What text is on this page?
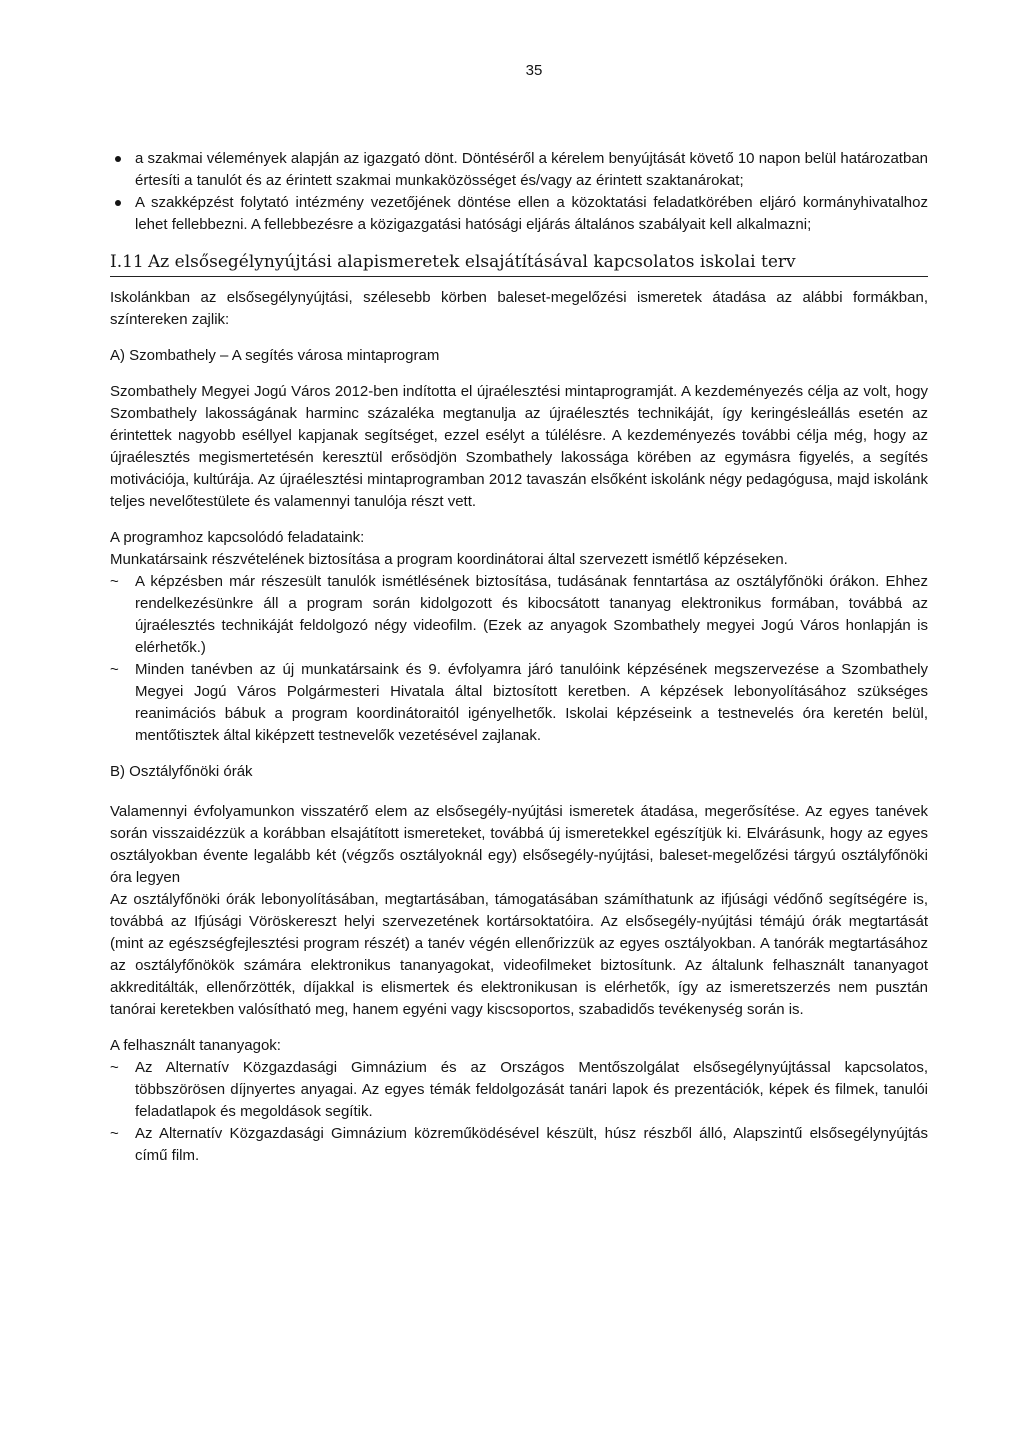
35
a szakmai vélemények alapján az igazgató dönt. Döntéséről a kérelem benyújtását követő 10 napon belül határozatban értesíti a tanulót és az érintett szakmai munkaközösséget és/vagy az érintett szaktanárokat;
A szakképzést folytató intézmény vezetőjének döntése ellen a közoktatási feladatkörében eljáró kormányhivatalhoz lehet fellebbezni. A fellebbezésre a közigazgatási hatósági eljárás általános szabályait kell alkalmazni;
I.11 Az elsősegélynyújtási alapismeretek elsajátításával kapcsolatos iskolai terv

Iskolánkban az elsősegélynyújtási, szélesebb körben baleset-megelőzési ismeretek átadása az alábbi formákban, színtereken zajlik:

A) Szombathely – A segítés városa mintaprogram

Szombathely Megyei Jogú Város 2012-ben indította el újraélesztési mintaprogramját. A kezdeményezés célja az volt, hogy Szombathely lakosságának harminc százaléka megtanulja az újraélesztés technikáját, így keringésleállás esetén az érintettek nagyobb eséllyel kapjanak segítséget, ezzel esélyt a túlélésre. A kezdeményezés további célja még, hogy az újraélesztés megismertetésén keresztül erősödjön Szombathely lakossága körében az egymásra figyelés, a segítés motivációja, kultúrája. Az újraélesztési mintaprogramban 2012 tavaszán elsőként iskolánk négy pedagógusa, majd iskolánk teljes nevelőtestülete és valamennyi tanulója részt vett.

A programhoz kapcsolódó feladataink:

Munkatársaink részvételének biztosítása a program koordinátorai által szervezett ismétlő képzéseken.

~ A képzésben már részesült tanulók ismétlésének biztosítása, tudásának fenntartása az osztályfőnöki órákon. Ehhez rendelkezésünkre áll a program során kidolgozott és kibocsátott tananyag elektronikus formában, továbbá az újraélesztés technikáját feldolgozó négy videofilm. (Ezek az anyagok Szombathely megyei Jogú Város honlapján is elérhetők.)
~ Minden tanévben az új munkatársaink és 9. évfolyamra járó tanulóink képzésének megszervezése a Szombathely Megyei Jogú Város Polgármesteri Hivatala által biztosított keretben. A képzések lebonyolításához szükséges reanimációs bábuk a program koordinátoraitól igényelhetők. Iskolai képzéseink a testnevelés óra keretén belül, mentőtisztek által kiképzett testnevelők vezetésével zajlanak.

B) Osztályfőnöki órák

Valamennyi évfolyamunkon visszatérő elem az elsősegély-nyújtási ismeretek átadása, megerősítése. Az egyes tanévek során visszaidézzük a korábban elsajátított ismereteket, továbbá új ismeretekkel egészítjük ki. Elvárásunk, hogy az egyes osztályokban évente legalább két (végzős osztályoknál egy) elsősegély-nyújtási, baleset-megelőzési tárgyú osztályfőnöki óra legyen

Az osztályfőnöki órák lebonyolításában, megtartásában, támogatásában számíthatunk az ifjúsági védőnő segítségére is, továbbá az Ifjúsági Vöröskereszt helyi szervezetének kortársoktatóira. Az elsősegély-nyújtási témájú órák megtartását (mint az egészségfejlesztési program részét) a tanév végén ellenőrizzük az egyes osztályokban. A tanórák megtartásához az osztályfőnökök számára elektronikus tananyagokat, videofilmeket biztosítunk. Az általunk felhasznált tananyagot akkreditálták, ellenőrzötték, díjakkal is elismertek és elektronikusan is elérhetők, így az ismeretszerzés nem pusztán tanórai keretekben valósítható meg, hanem egyéni vagy kiscsoportos, szabadidős tevékenység során is.

A felhasznált tananyagok:

~ Az Alternatív Közgazdasági Gimnázium és az Országos Mentőszolgálat elsősegélynyújtással kapcsolatos, többszörösen díjnyertes anyagai. Az egyes témák feldolgozását tanári lapok és prezentációk, képek és filmek, tanulói feladatlapok és megoldások segítik.
~ Az Alternatív Közgazdasági Gimnázium közreműködésével készült, húsz részből álló, Alapszintű elsősegélynyújtás című film.
